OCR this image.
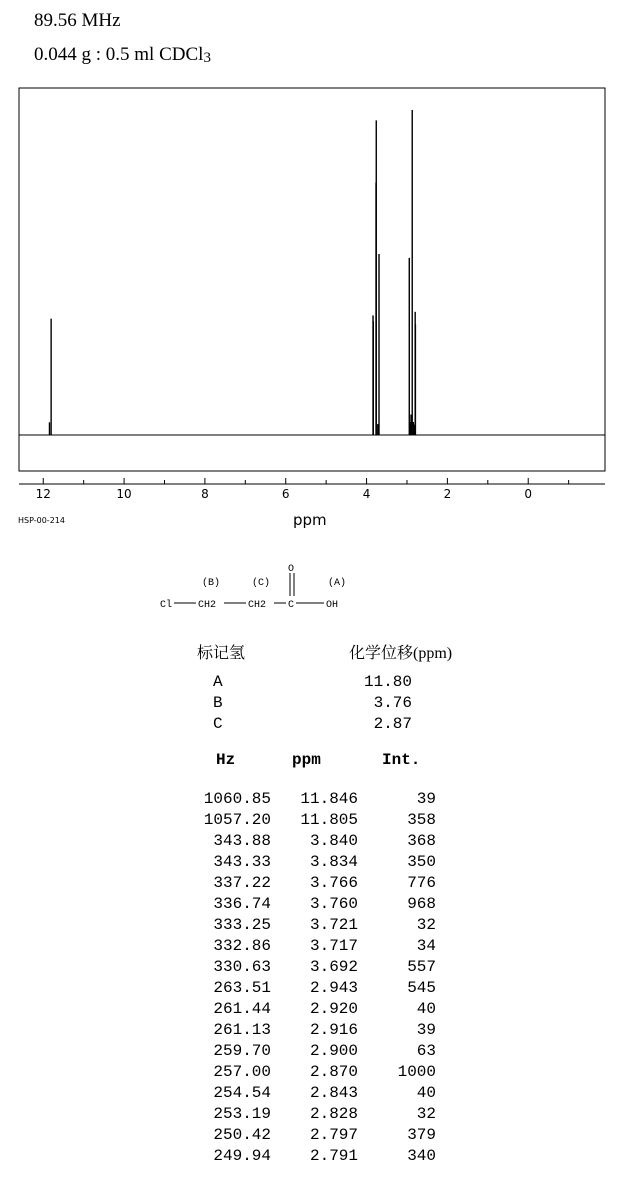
89.56 MHz
0.044 g : 0.5 ml CDCl$_3$
12	10	8	6	4	2	0
HSP-00-214	ppm
(B)	(C)	(A)
O
Cl	CH2	CH2 C	OH
标记氢	化学位移(ppm)
A	11.80
B	3.76
C	2.87
Hz	ppm	Int.
1060.85	11.846	39
1057.20	11.805	358
343.88	3.840	368
343.33	3.834	350
337.22	3.766	776
336.74	3.760	968
333.25	3.721	32
332.86	3.717	34
330.63	3.692	557
263.51	2.943	545
261.44	2.920	40
261.13	2.916	39
259.70	2.900	63
257.00	2.870	1000
254.54	2.843	40
253.19	2.828	32
250.42	2.797	379
249.94	2.791	340
